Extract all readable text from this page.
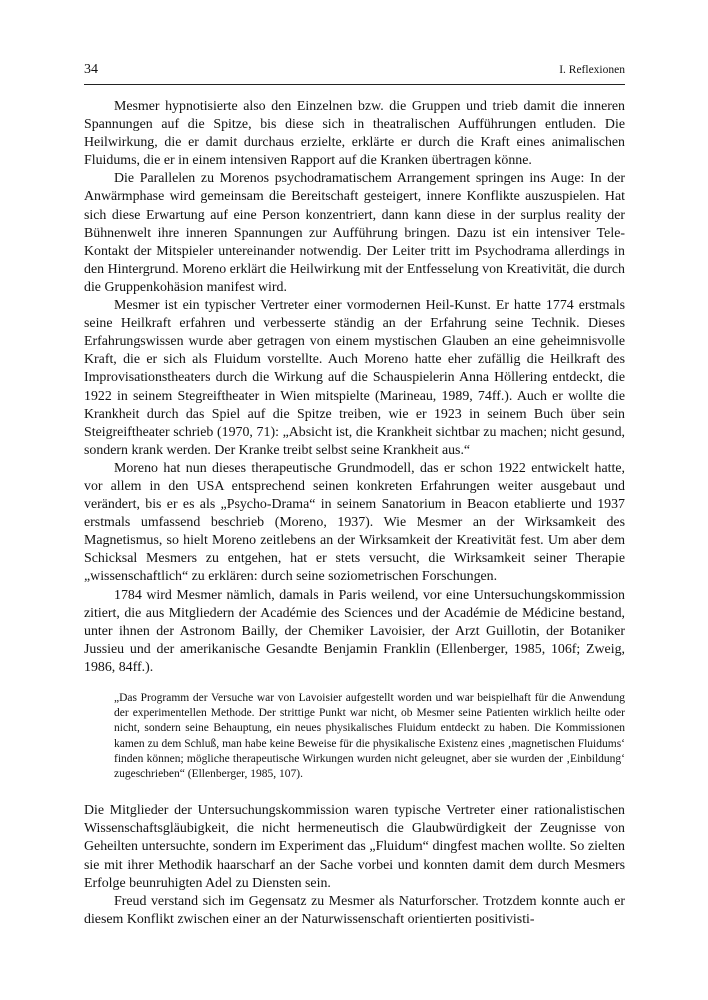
34	I. Reflexionen

Mesmer hypnotisierte also den Einzelnen bzw. die Gruppen und trieb damit die inneren Spannungen auf die Spitze, bis diese sich in theatralischen Aufführungen entluden. Die Heilwirkung, die er damit durchaus erzielte, erklärte er durch die Kraft eines animalischen Fluidums, die er in einem intensiven Rapport auf die Kranken übertragen könne.

Die Parallelen zu Morenos psychodramatischem Arrangement springen ins Auge: In der Anwärmphase wird gemeinsam die Bereitschaft gesteigert, innere Konflikte auszuspielen. Hat sich diese Erwartung auf eine Person konzentriert, dann kann diese in der surplus reality der Bühnenwelt ihre inneren Spannungen zur Aufführung bringen. Dazu ist ein intensiver Tele-Kontakt der Mitspieler untereinander notwendig. Der Leiter tritt im Psychodrama allerdings in den Hintergrund. Moreno erklärt die Heilwirkung mit der Entfesselung von Kreativität, die durch die Gruppenkohäsion manifest wird.

Mesmer ist ein typischer Vertreter einer vormodernen Heil-Kunst. Er hatte 1774 erstmals seine Heilkraft erfahren und verbesserte ständig an der Erfahrung seine Technik. Dieses Erfahrungswissen wurde aber getragen von einem mystischen Glauben an eine geheimnisvolle Kraft, die er sich als Fluidum vorstellte. Auch Moreno hatte eher zufällig die Heilkraft des Improvisationstheaters durch die Wirkung auf die Schauspielerin Anna Höllering entdeckt, die 1922 in seinem Stegreiftheater in Wien mitspielte (Marineau, 1989, 74ff.). Auch er wollte die Krankheit durch das Spiel auf die Spitze treiben, wie er 1923 in seinem Buch über sein Steigreiftheater schrieb (1970, 71): „Absicht ist, die Krankheit sichtbar zu machen; nicht gesund, sondern krank werden. Der Kranke treibt selbst seine Krankheit aus.“

Moreno hat nun dieses therapeutische Grundmodell, das er schon 1922 entwickelt hatte, vor allem in den USA entsprechend seinen konkreten Erfahrungen weiter ausgebaut und verändert, bis er es als „Psycho-Drama“ in seinem Sanatorium in Beacon etablierte und 1937 erstmals umfassend beschrieb (Moreno, 1937). Wie Mesmer an der Wirksamkeit des Magnetismus, so hielt Moreno zeitlebens an der Wirksamkeit der Kreativität fest. Um aber dem Schicksal Mesmers zu entgehen, hat er stets versucht, die Wirksamkeit seiner Therapie „wissenschaftlich“ zu erklären: durch seine soziometrischen Forschungen.

1784 wird Mesmer nämlich, damals in Paris weilend, vor eine Untersuchungskommission zitiert, die aus Mitgliedern der Académie des Sciences und der Académie de Médicine bestand, unter ihnen der Astronom Bailly, der Chemiker Lavoisier, der Arzt Guillotin, der Botaniker Jussieu und der amerikanische Gesandte Benjamin Franklin (Ellenberger, 1985, 106f; Zweig, 1986, 84ff.).

„Das Programm der Versuche war von Lavoisier aufgestellt worden und war beispielhaft für die Anwendung der experimentellen Methode. Der strittige Punkt war nicht, ob Mesmer seine Patienten wirklich heilte oder nicht, sondern seine Behauptung, ein neues physikalisches Fluidum entdeckt zu haben. Die Kommissionen kamen zu dem Schluß, man habe keine Beweise für die physikalische Existenz eines ‚magnetischen Fluidums‘ finden können; mögliche therapeutische Wirkungen wurden nicht geleugnet, aber sie wurden der ‚Einbildung‘ zugeschrieben“ (Ellenberger, 1985, 107).

Die Mitglieder der Untersuchungskommission waren typische Vertreter einer rationalistischen Wissenschaftsgläubigkeit, die nicht hermeneutisch die Glaubwürdigkeit der Zeugnisse von Geheilten untersuchte, sondern im Experiment das „Fluidum“ dingfest machen wollte. So zielten sie mit ihrer Methodik haarscharf an der Sache vorbei und konnten damit dem durch Mesmers Erfolge beunruhigten Adel zu Diensten sein.

Freud verstand sich im Gegensatz zu Mesmer als Naturforscher. Trotzdem konnte auch er diesem Konflikt zwischen einer an der Naturwissenschaft orientierten positivisti-
